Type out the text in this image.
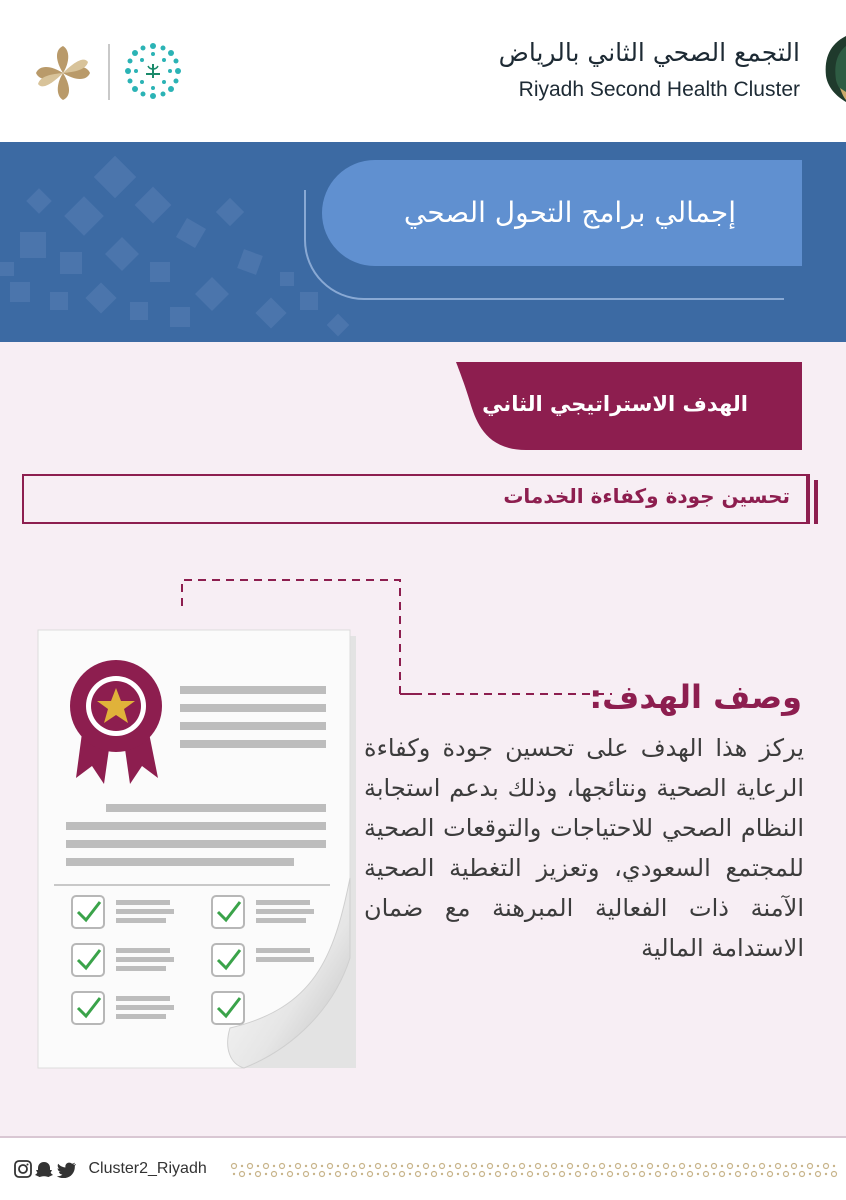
التجمع الصحي الثاني بالرياض
Riyadh Second Health Cluster
إجمالي برامج التحول الصحي
الهدف الاستراتيجي الثاني
تحسين جودة وكفاءة الخدمات
وصف الهدف:
يركز هذا الهدف على تحسين جودة وكفاءة الرعاية الصحية ونتائجها، وذلك بدعم استجابة النظام الصحي للاحتياجات والتوقعات الصحية للمجتمع السعودي، وتعزيز التغطية الصحية الآمنة ذات الفعالية المبرهنة مع ضمان الاستدامة المالية
Cluster2_Riyadh
